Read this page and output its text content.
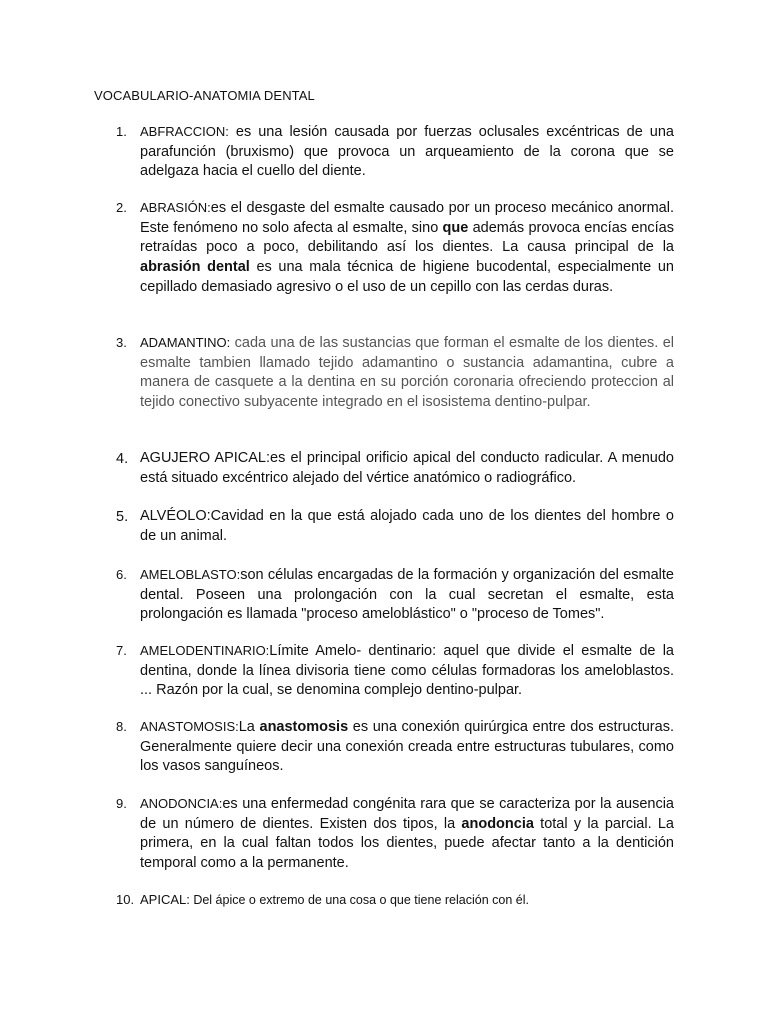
VOCABULARIO-ANATOMIA DENTAL
1.	ABFRACCION: es una lesión causada por fuerzas oclusales excéntricas de una parafunción (bruxismo) que provoca un arqueamiento de la corona que se adelgaza hacia el cuello del diente.
2.	ABRASIÓN:es el desgaste del esmalte causado por un proceso mecánico anormal. Este fenómeno no solo afecta al esmalte, sino que además provoca encías encías retraídas poco a poco, debilitando así los dientes. La causa principal de la abrasión dental es una mala técnica de higiene bucodental, especialmente un cepillado demasiado agresivo o el uso de un cepillo con las cerdas duras.
3.	ADAMANTINO: cada una de las sustancias que forman el esmalte de los dientes. el esmalte tambien llamado tejido adamantino o sustancia adamantina, cubre a manera de casquete a la dentina en su porción coronaria ofreciendo proteccion al tejido conectivo subyacente integrado en el isosistema dentino-pulpar.
4. AGUJERO APICAL:es el principal orificio apical del conducto radicular. A menudo está situado excéntrico alejado del vértice anatómico o radiográfico.
5. ALVÉOLO:Cavidad en la que está alojado cada uno de los dientes del hombre o de un animal.
6.	AMELOBLASTO:son células encargadas de la formación y organización del esmalte dental. Poseen una prolongación con la cual secretan el esmalte, esta prolongación es llamada "proceso ameloblástico" o "proceso de Tomes".
7.	AMELODENTINARIO:Límite Amelo- dentinario: aquel que divide el esmalte de la dentina, donde la línea divisoria tiene como células formadoras los ameloblastos. ... Razón por la cual, se denomina complejo dentino-pulpar.
8.	ANASTOMOSIS:La anastomosis es una conexión quirúrgica entre dos estructuras. Generalmente quiere decir una conexión creada entre estructuras tubulares, como los vasos sanguíneos.
9.	ANODONCIA:es una enfermedad congénita rara que se caracteriza por la ausencia de un número de dientes. Existen dos tipos, la anodoncia total y la parcial. La primera, en la cual faltan todos los dientes, puede afectar tanto a la dentición temporal como a la permanente.
10. APICAL: Del ápice o extremo de una cosa o que tiene relación con él.
